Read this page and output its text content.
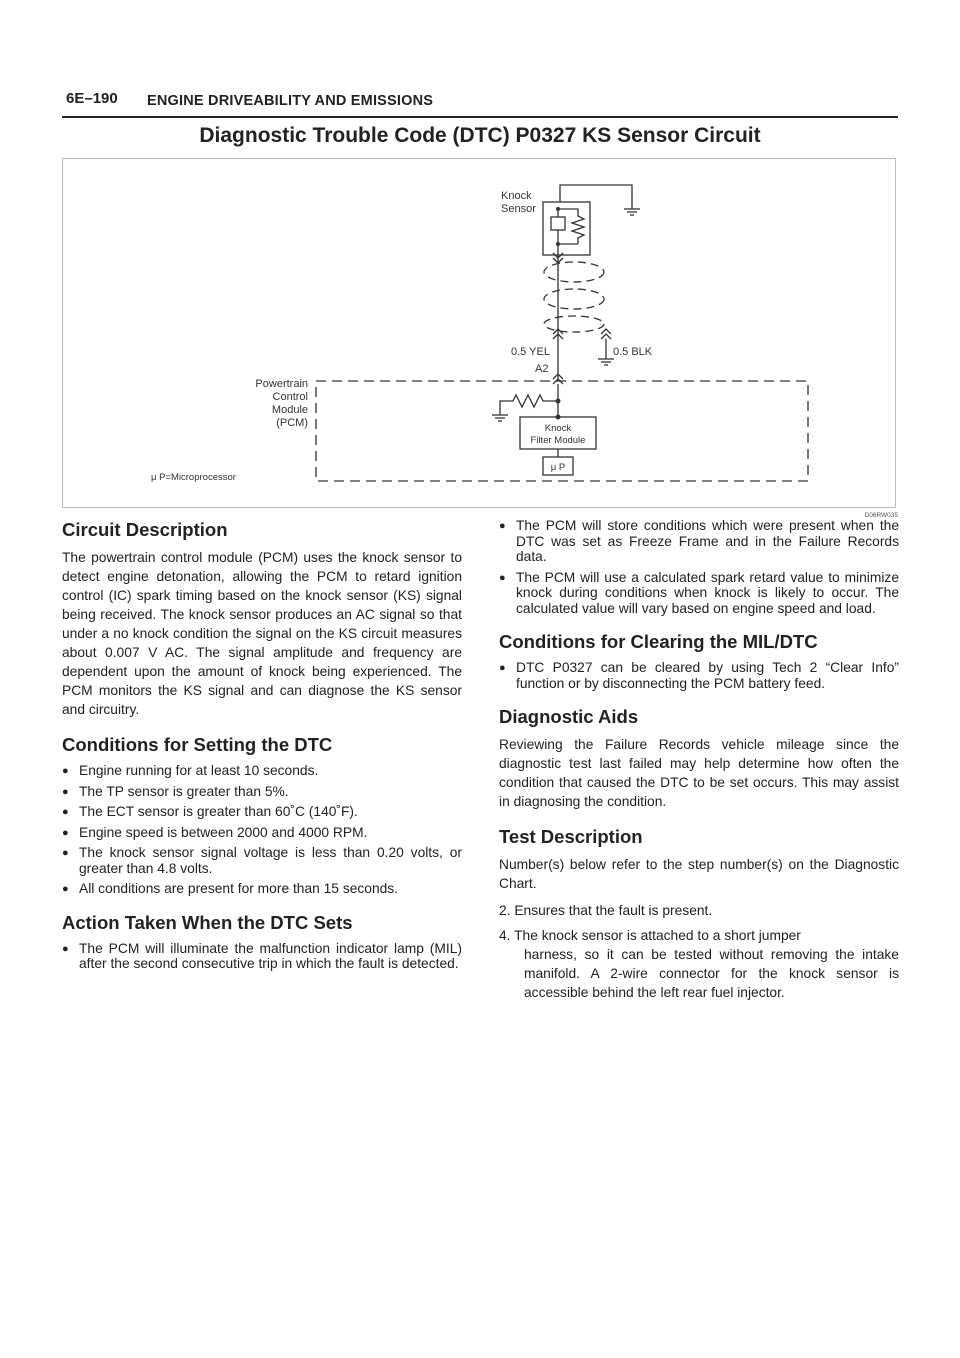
6E–190 ENGINE DRIVEABILITY AND EMISSIONS
Diagnostic Trouble Code (DTC) P0327 KS Sensor Circuit
Knock
Sensor
0.5 YEL	0.5 BLK
A2
Powertrain
Control
Module
(PCM)	Knock
Filter Module
μ P
μ P=Microprocessor
D06RW035
Circuit Description

The powertrain control module (PCM) uses the knock sensor to detect engine detonation, allowing the PCM to retard ignition control (IC) spark timing based on the knock sensor (KS) signal being received. The knock sensor produces an AC signal so that under a no knock condition the signal on the KS circuit measures about 0.007 V AC. The signal amplitude and frequency are dependent upon the amount of knock being experienced. The PCM monitors the KS signal and can diagnose the KS sensor and circuitry.

Conditions for Setting the DTC
● Engine running for at least 10 seconds.
● The TP sensor is greater than 5%.
● The ECT sensor is greater than 60˚C (140˚F).
● Engine speed is between 2000 and 4000 RPM.
● The knock sensor signal voltage is less than 0.20 volts, or greater than 4.8 volts.
● All conditions are present for more than 15 seconds.
Action Taken When the DTC Sets
● The PCM will illuminate the malfunction indicator lamp (MIL) after the second consecutive trip in which the fault is detected.
● The PCM will store conditions which were present when the DTC was set as Freeze Frame and in the Failure Records data.
● The PCM will use a calculated spark retard value to minimize knock during conditions when knock is likely to occur. The calculated value will vary based on engine speed and load.
Conditions for Clearing the MIL/DTC
● DTC P0327 can be cleared by using Tech 2 “Clear Info” function or by disconnecting the PCM battery feed.
Diagnostic Aids

Reviewing the Failure Records vehicle mileage since the diagnostic test last failed may help determine how often the condition that caused the DTC to be set occurs. This may assist in diagnosing the condition.

Test Description

Number(s) below refer to the step number(s) on the Diagnostic Chart.

2. Ensures that the fault is present.

4. The knock sensor is attached to a short jumper
harness, so it can be tested without removing the intake manifold. A 2-wire connector for the knock sensor is accessible behind the left rear fuel injector.
